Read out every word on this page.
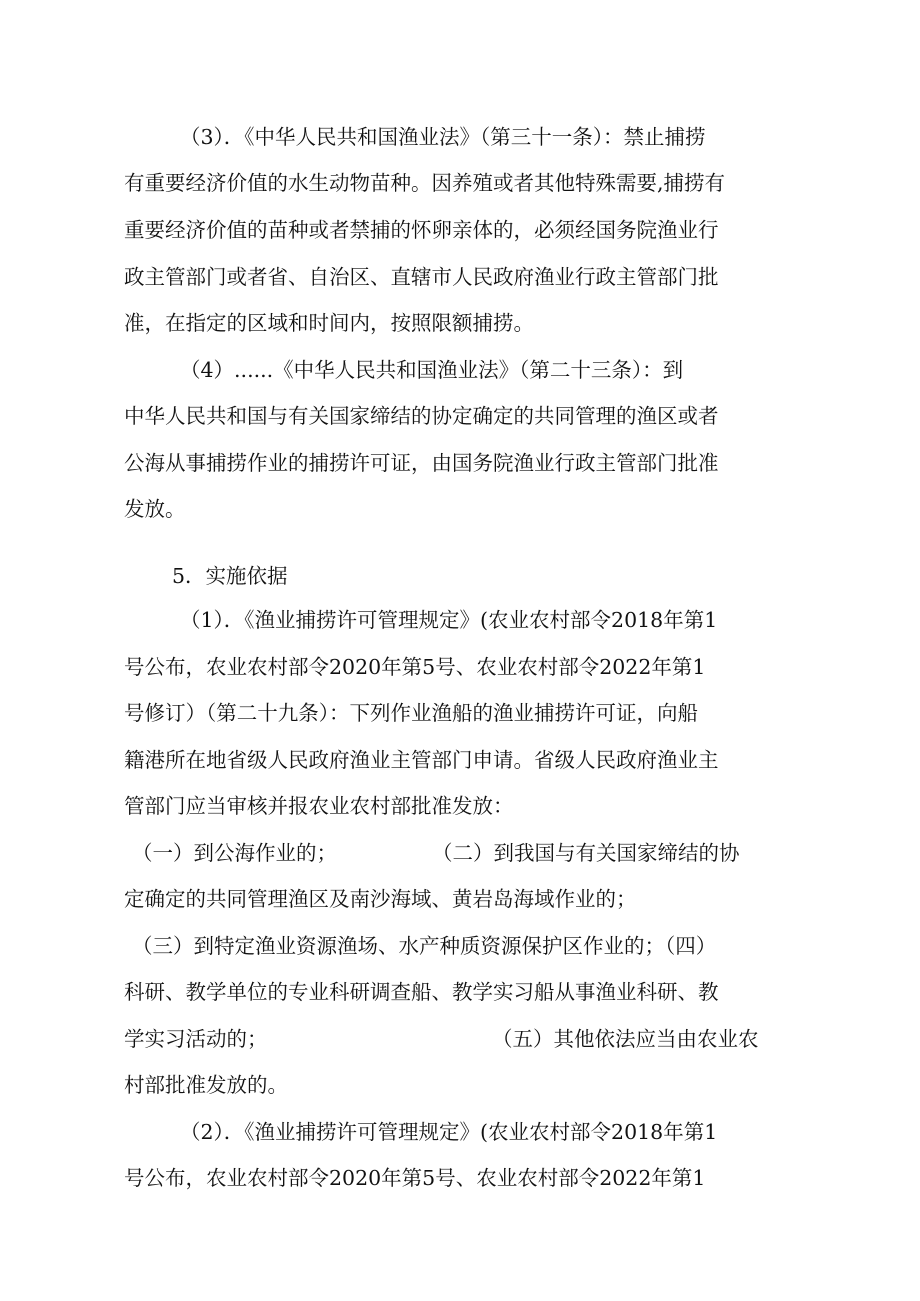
（3）．《中华人民共和国渔业法》（第三十一条）：禁止捕捞
有重要经济价值的水生动物苗种。因养殖或者其他特殊需要,捕捞有
重要经济价值的苗种或者禁捕的怀卵亲体的，必须经国务院渔业行
政主管部门或者省、自治区、直辖市人民政府渔业行政主管部门批
准，在指定的区域和时间内，按照限额捕捞。
（4）......《中华人民共和国渔业法》（第二十三条）：到
中华人民共和国与有关国家缔结的协定确定的共同管理的渔区或者
公海从事捕捞作业的捕捞许可证，由国务院渔业行政主管部门批准
发放。
5．实施依据
（1）．《渔业捕捞许可管理规定》(农业农村部令2018年第1
号公布，农业农村部令2020年第5号、农业农村部令2022年第1
号修订）（第二十九条）：下列作业渔船的渔业捕捞许可证，向船
籍港所在地省级人民政府渔业主管部门申请。省级人民政府渔业主
管部门应当审核并报农业农村部批准发放：
（一）到公海作业的；	（二）到我国与有关国家缔结的协
定确定的共同管理渔区及南沙海域、黄岩岛海域作业的；
（三）到特定渔业资源渔场、水产种质资源保护区作业的；（四）
科研、教学单位的专业科研调查船、教学实习船从事渔业科研、教
学实习活动的；	（五）其他依法应当由农业农
村部批准发放的。
（2）．《渔业捕捞许可管理规定》(农业农村部令2018年第1
号公布，农业农村部令2020年第5号、农业农村部令2022年第1
